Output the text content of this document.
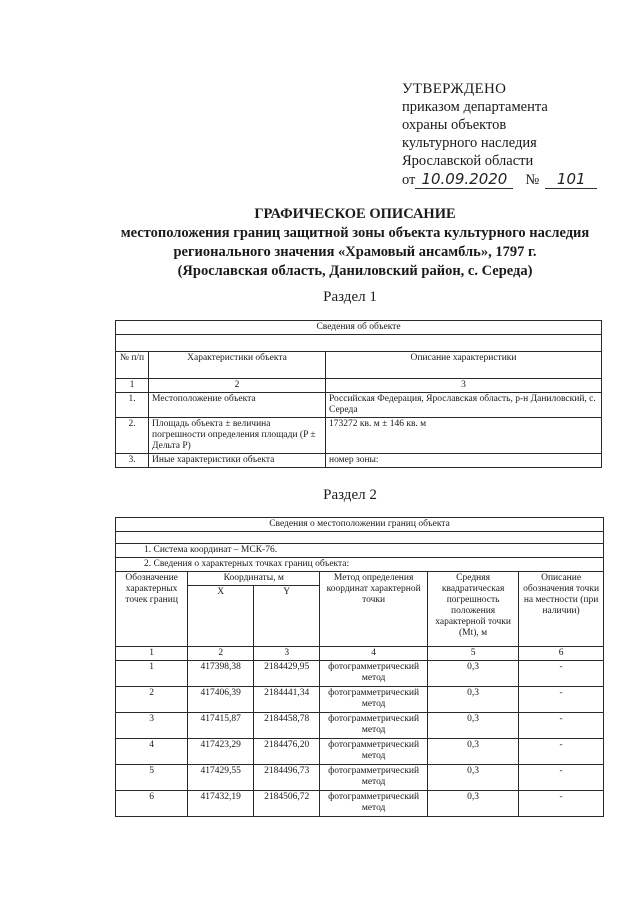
УТВЕРЖДЕНО
приказом департамента
охраны объектов
культурного наследия
Ярославской области
от 10.09.2020	№	101
ГРАФИЧЕСКОЕ ОПИСАНИЕ
местоположения границ защитной зоны объекта культурного наследия
регионального значения «Храмовый ансамбль», 1797 г.
(Ярославская область, Даниловский район, с. Середа)
Раздел 1
Сведения об объекте		

№ п/п	Характеристики объекта	Описание характеристики
1	2	3
1.	Местоположение объекта	Российская Федерация, Ярославская область, р-н Даниловский, с. Середа
2.	Площадь объекта ± величина погрешности определения площади (P ± Дельта P)	173272 кв. м ± 146 кв. м
3.	Иные характеристики объекта	номер зоны:
Раздел 2
Сведения о местоположении границ объекта					

1. Система координат – МСК-76.					
2. Сведения о характерных точках границ объекта:					
Обозначение характерных точек границ	Координаты, м		Метод определения координат характерной точки	Средняя квадратическая погрешность положения характерной точки (Mt), м	Описание обозначения точки на местности (при наличии)
	X	Y			
1	2	3	4	5	6
1	417398,38	2184429,95	фотограмметрический метод	0,3	-
2	417406,39	2184441,34	фотограмметрический метод	0,3	-
3	417415,87	2184458,78	фотограмметрический метод	0,3	-
4	417423,29	2184476,20	фотограмметрический метод	0,3	-
5	417429,55	2184496,73	фотограмметрический метод	0,3	-
6	417432,19	2184506,72	фотограмметрический метод	0,3	-
